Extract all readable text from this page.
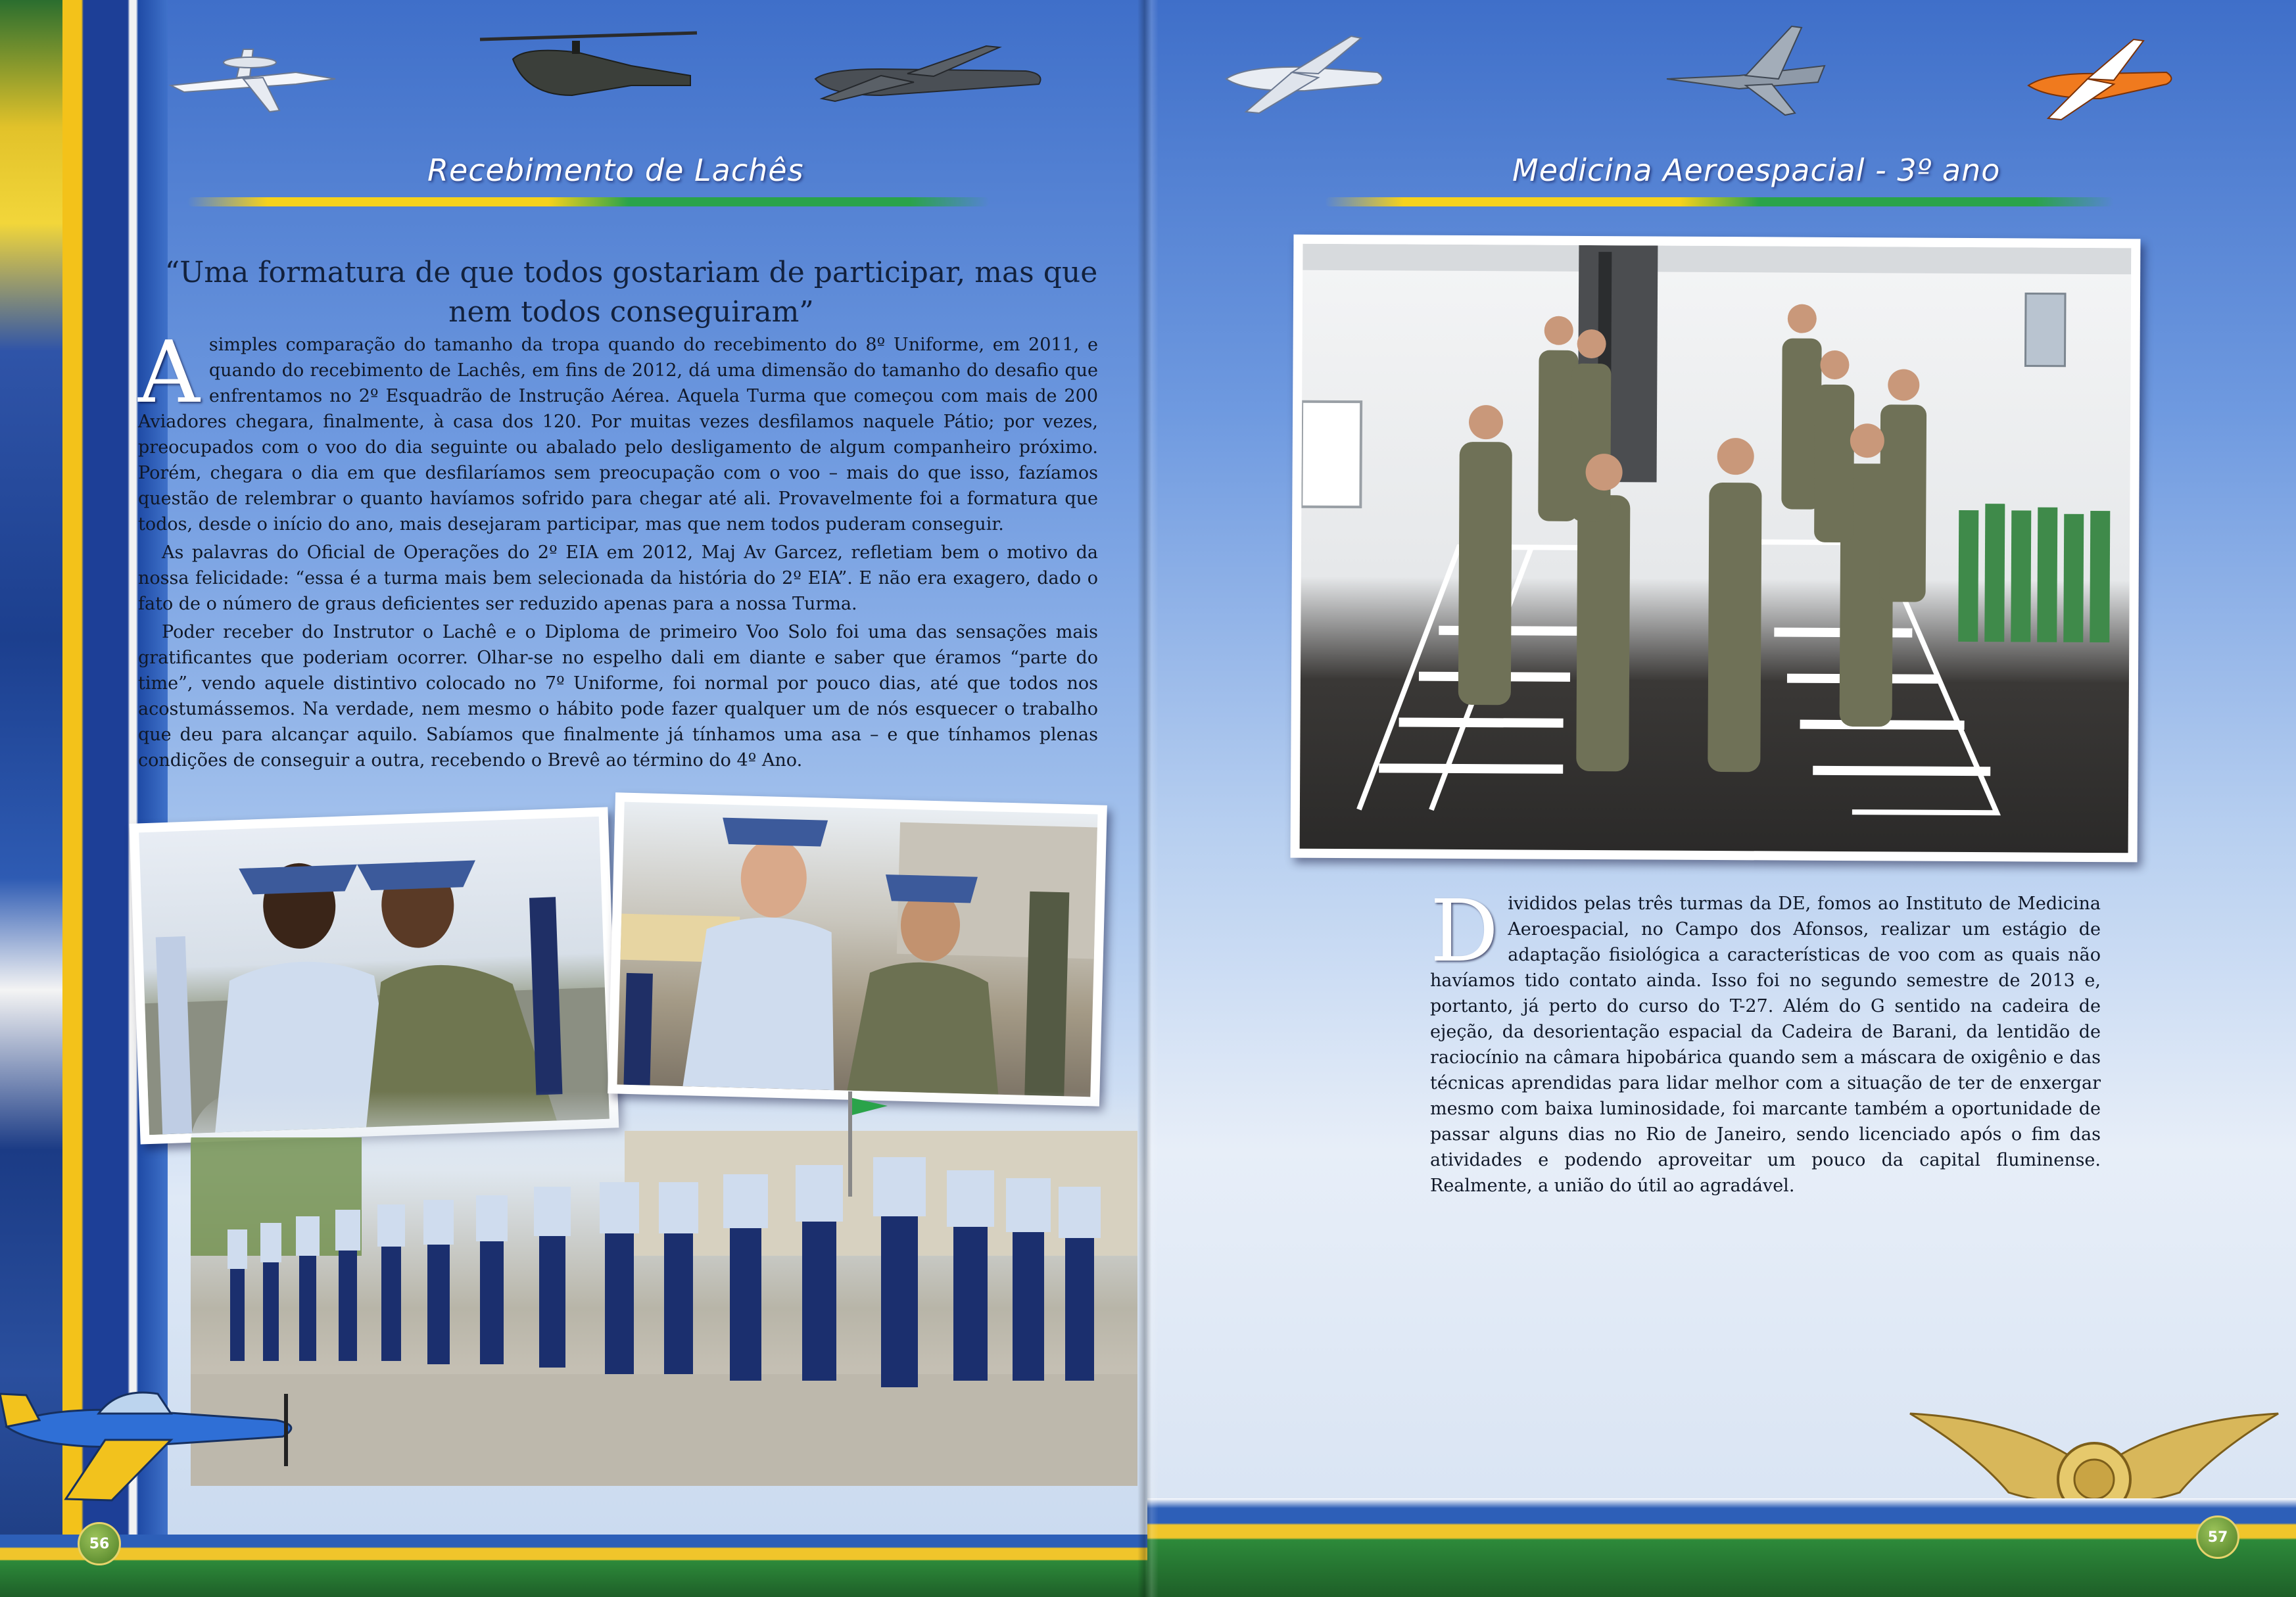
Recebimento de Lachês
“Uma formatura de que todos gostariam de participar, mas que nem todos conseguiram”
A simples comparação do tamanho da tropa quando do recebimento do 8º Uniforme, em 2011, e quando do recebimento de Lachês, em fins de 2012, dá uma dimensão do tamanho do desafio que enfrentamos no 2º Esquadrão de Instrução Aérea. Aquela Turma que começou com mais de 200 Aviadores chegara, finalmente, à casa dos 120. Por muitas vezes desfilamos naquele Pátio; por vezes, preocupados com o voo do dia seguinte ou abalado pelo desligamento de algum companheiro próximo. Porém, chegara o dia em que desfilaríamos sem preocupação com o voo – mais do que isso, fazíamos questão de relembrar o quanto havíamos sofrido para chegar até ali. Provavelmente foi a formatura que todos, desde o início do ano, mais desejaram participar, mas que nem todos puderam conseguir.

As palavras do Oficial de Operações do 2º EIA em 2012, Maj Av Garcez, refletiam bem o motivo da nossa felicidade: “essa é a turma mais bem selecionada da história do 2º EIA”. E não era exagero, dado o fato de o número de graus deficientes ser reduzido apenas para a nossa Turma.

Poder receber do Instrutor o Lachê e o Diploma de primeiro Voo Solo foi uma das sensações mais gratificantes que poderiam ocorrer. Olhar-se no espelho dali em diante e saber que éramos “parte do time”, vendo aquele distintivo colocado no 7º Uniforme, foi normal por pouco dias, até que todos nos acostumássemos. Na verdade, nem mesmo o hábito pode fazer qualquer um de nós esquecer o trabalho que deu para alcançar aquilo. Sabíamos que finalmente já tínhamos uma asa – e que tínhamos plenas condições de conseguir a outra, recebendo o Brevê ao término do 4º Ano.

56
Medicina Aeroespacial - 3º ano
D ivididos pelas três turmas da DE, fomos ao Instituto de Medicina Aeroespacial, no Campo dos Afonsos, realizar um estágio de adaptação fisiológica a características de voo com as quais não havíamos tido contato ainda. Isso foi no segundo semestre de 2013 e, portanto, já perto do curso do T-27. Além do G sentido na cadeira de ejeção, da desorientação espacial da Cadeira de Barani, da lentidão de raciocínio na câmara hipobárica quando sem a máscara de oxigênio e das técnicas aprendidas para lidar melhor com a situação de ter de enxergar mesmo com baixa luminosidade, foi marcante também a oportunidade de passar alguns dias no Rio de Janeiro, sendo licenciado após o fim das atividades e podendo aproveitar um pouco da capital fluminense. Realmente, a união do útil ao agradável.

57
